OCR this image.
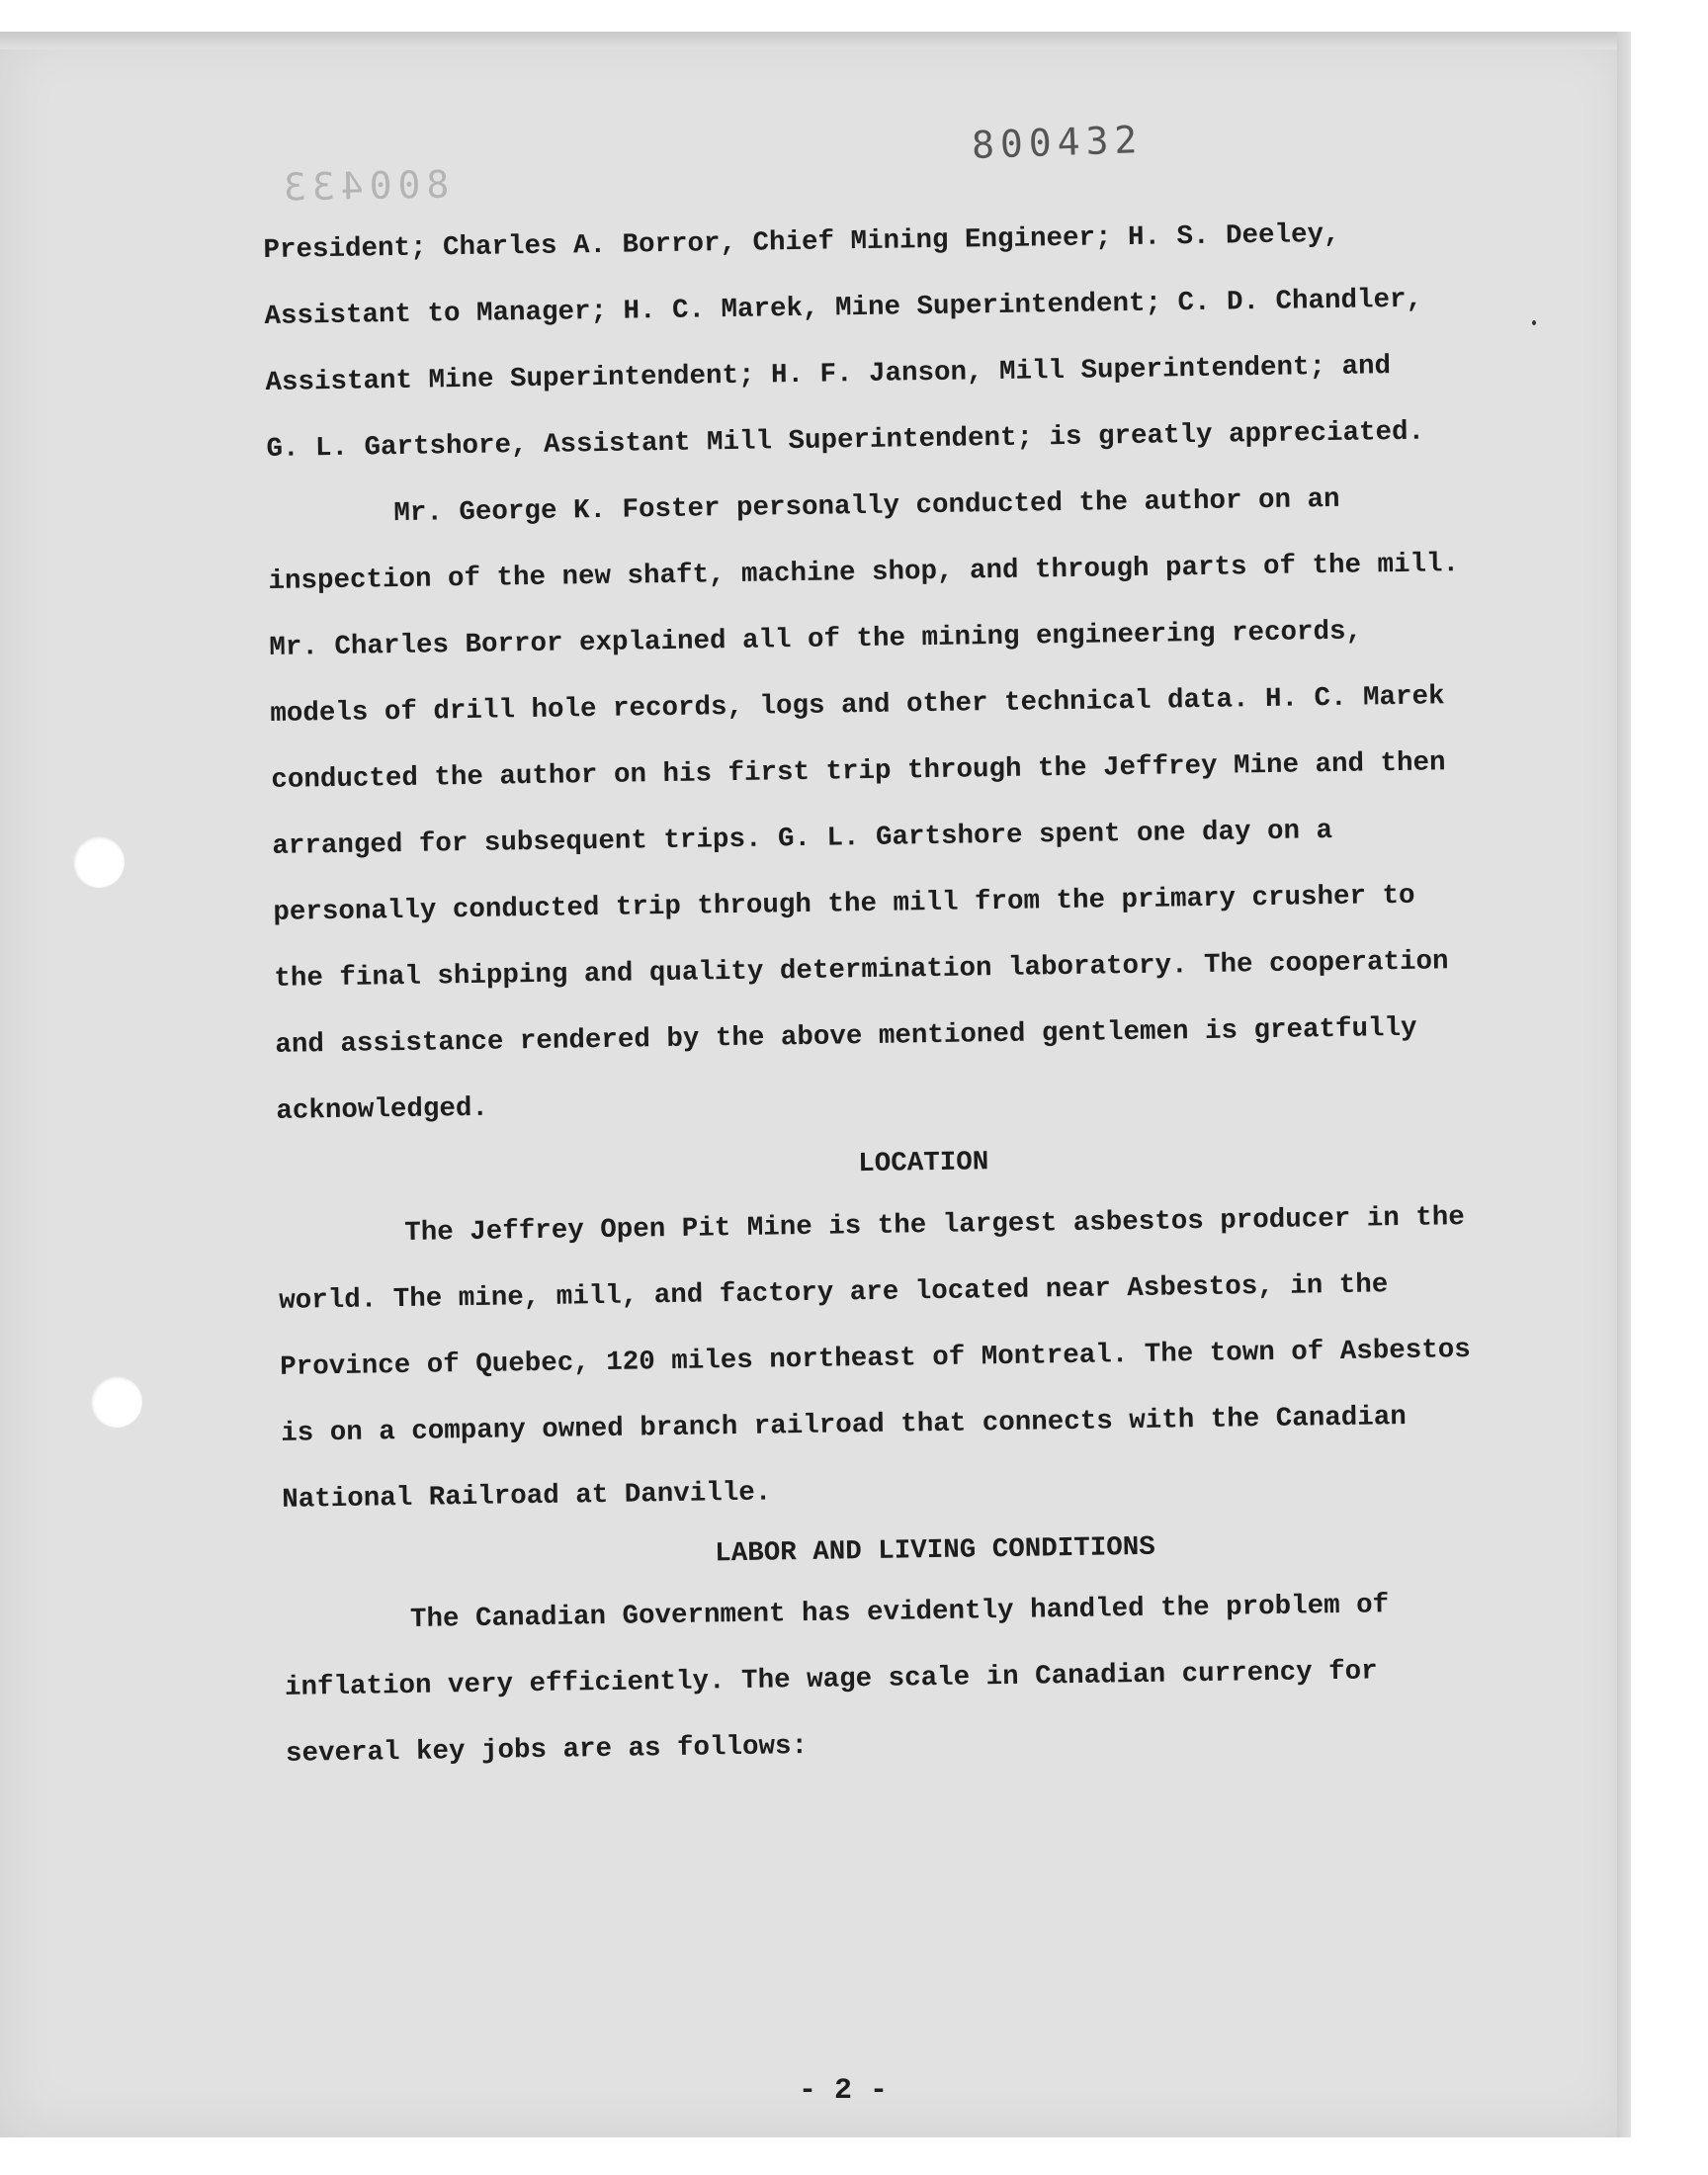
800433
800432
President; Charles A. Borror, Chief Mining Engineer; H. S. Deeley,
Assistant to Manager; H. C. Marek, Mine Superintendent; C. D. Chandler,
Assistant Mine Superintendent; H. F. Janson, Mill Superintendent; and
G. L. Gartshore, Assistant Mill Superintendent; is greatly appreciated.
Mr. George K. Foster personally conducted the author on an
inspection of the new shaft, machine shop, and through parts of the mill.
Mr. Charles Borror explained all of the mining engineering records,
models of drill hole records, logs and other technical data. H. C. Marek
conducted the author on his first trip through the Jeffrey Mine and then
arranged for subsequent trips. G. L. Gartshore spent one day on a
personally conducted trip through the mill from the primary crusher to
the final shipping and quality determination laboratory. The cooperation
and assistance rendered by the above mentioned gentlemen is greatfully
acknowledged.
LOCATION
The Jeffrey Open Pit Mine is the largest asbestos producer in the
world. The mine, mill, and factory are located near Asbestos, in the
Province of Quebec, 120 miles northeast of Montreal. The town of Asbestos
is on a company owned branch railroad that connects with the Canadian
National Railroad at Danville.
LABOR AND LIVING CONDITIONS
The Canadian Government has evidently handled the problem of
inflation very efficiently. The wage scale in Canadian currency for
several key jobs are as follows:
- 2 -
